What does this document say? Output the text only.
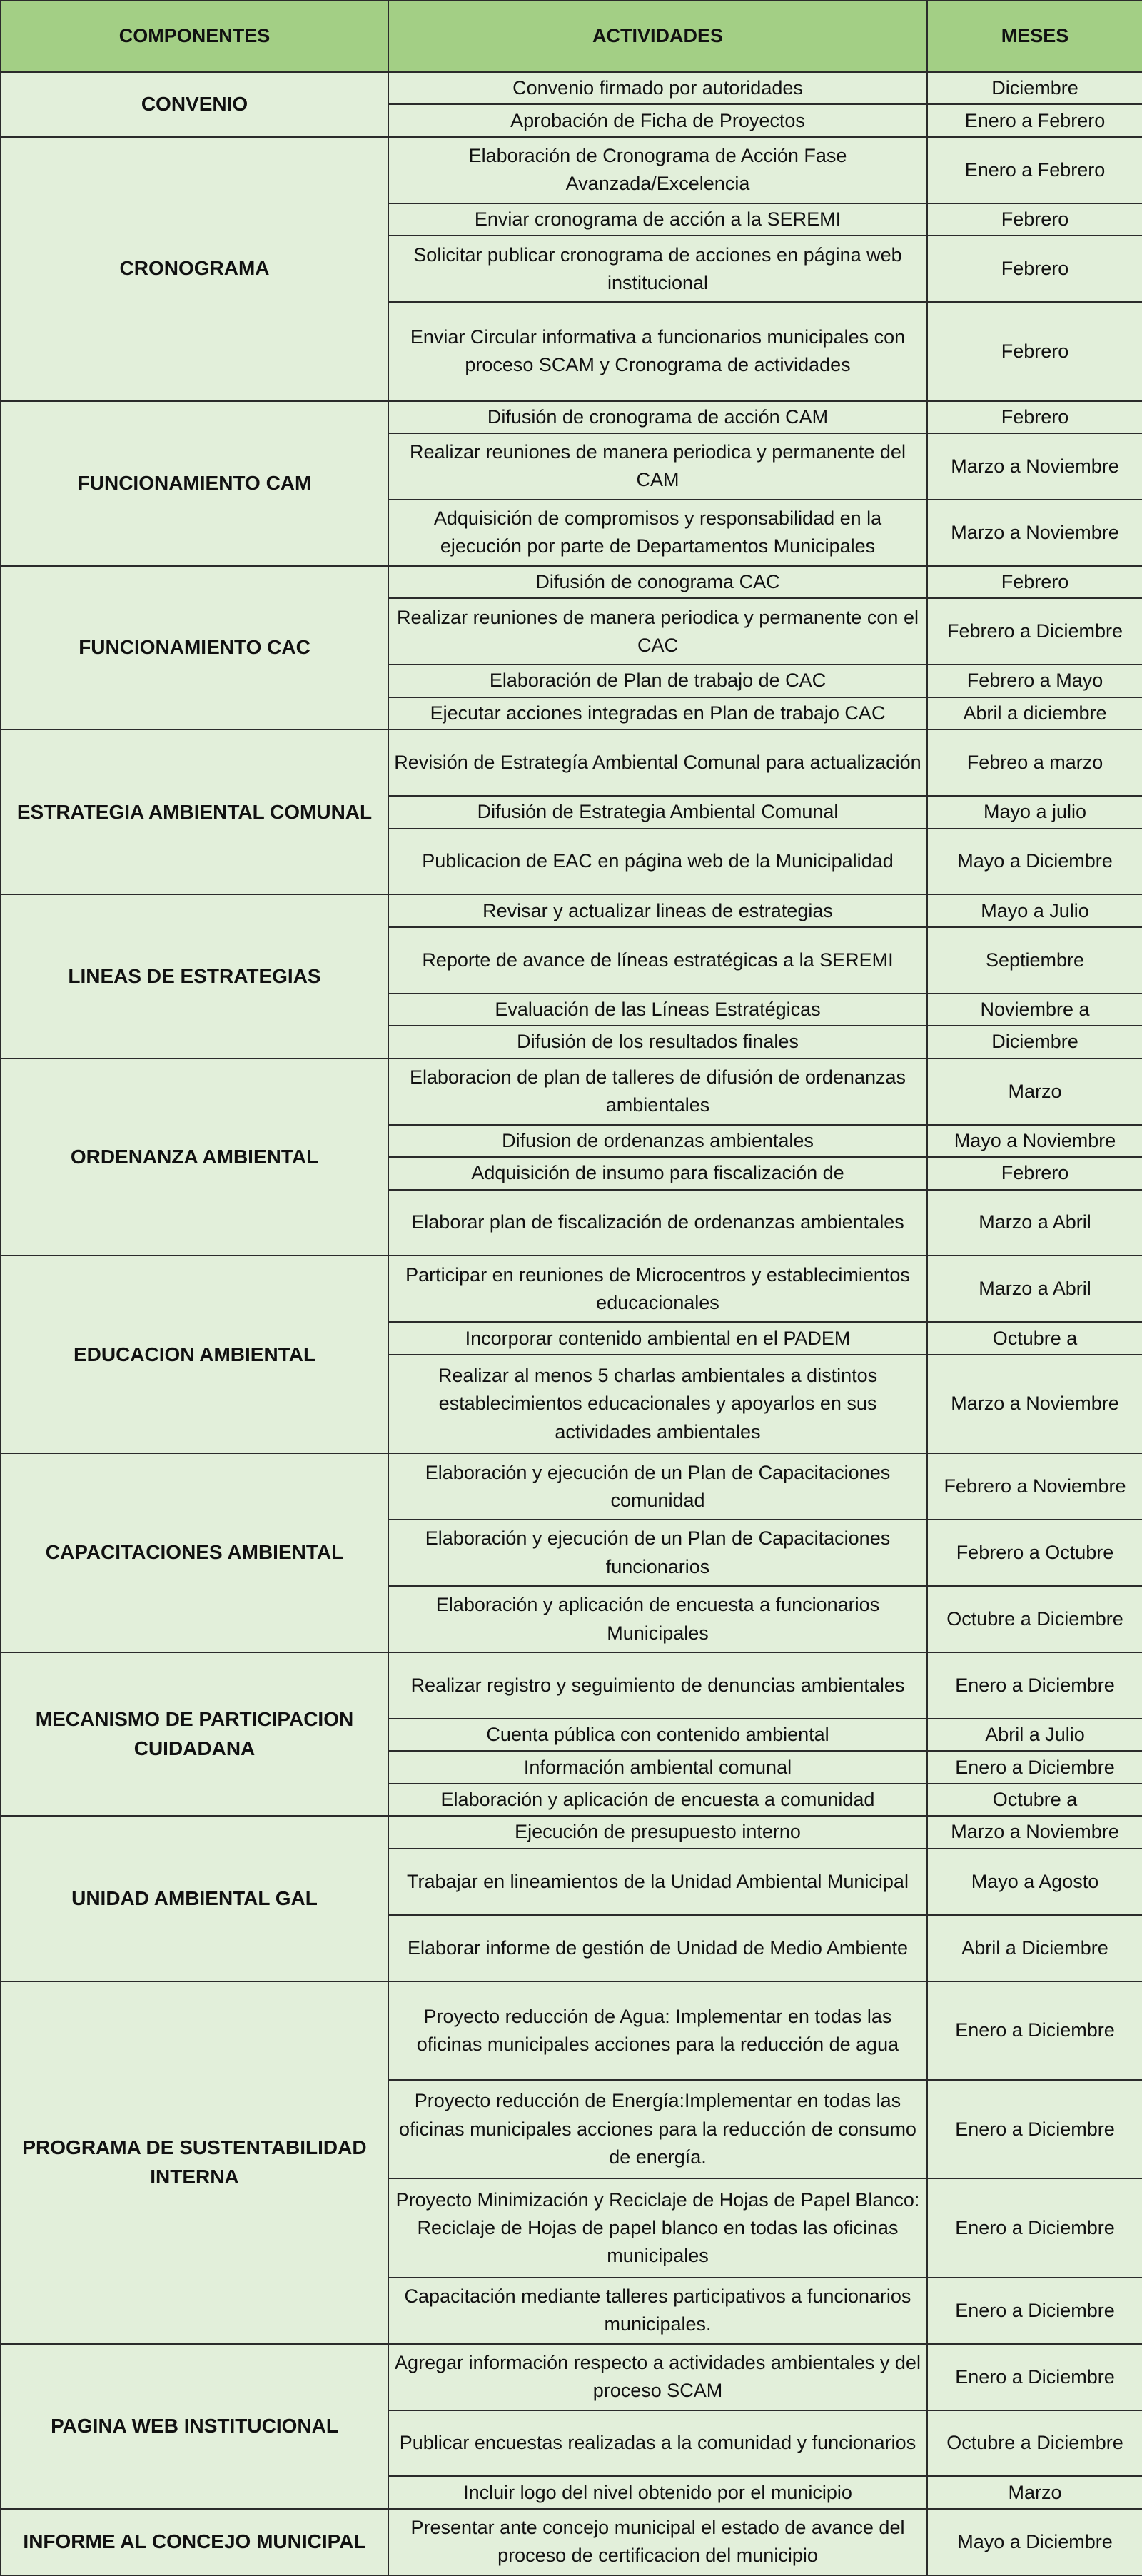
COMPONENTES	ACTIVIDADES	MESES
CONVENIO	Convenio firmado por autoridades	Diciembre
	Aprobación de Ficha de Proyectos	Enero a Febrero
CRONOGRAMA	Elaboración de Cronograma de Acción Fase Avanzada/Excelencia	Enero a Febrero
	Enviar cronograma de acción a la SEREMI	Febrero
	Solicitar publicar cronograma de acciones en página web institucional	Febrero
	Enviar Circular informativa a funcionarios municipales con proceso SCAM y Cronograma de actividades	Febrero
FUNCIONAMIENTO CAM	Difusión de cronograma de acción CAM	Febrero
	Realizar reuniones de manera periodica y permanente del CAM	Marzo a Noviembre
	Adquisición de compromisos y responsabilidad en la ejecución por parte de Departamentos Municipales	Marzo a Noviembre
FUNCIONAMIENTO CAC	Difusión de conograma CAC	Febrero
	Realizar reuniones de manera periodica y permanente con el CAC	Febrero a Diciembre
	Elaboración de Plan de trabajo de CAC	Febrero a Mayo
	Ejecutar acciones integradas en Plan de trabajo CAC	Abril a diciembre
ESTRATEGIA AMBIENTAL COMUNAL	Revisión de Estrategía Ambiental Comunal para actualización	Febreo a marzo
	Difusión de Estrategia Ambiental Comunal	Mayo a julio
	Publicacion de EAC en página web de la Municipalidad	Mayo a Diciembre
LINEAS DE ESTRATEGIAS	Revisar y actualizar lineas de estrategias	Mayo a Julio
	Reporte de avance de líneas estratégicas a la SEREMI	Septiembre
	Evaluación de las Líneas Estratégicas	Noviembre a
	Difusión de los resultados finales	Diciembre
ORDENANZA AMBIENTAL	Elaboracion de plan de talleres de difusión de ordenanzas ambientales	Marzo
	Difusion de ordenanzas ambientales	Mayo a Noviembre
	Adquisición de insumo para fiscalización de	Febrero
	Elaborar plan de fiscalización de ordenanzas ambientales	Marzo a Abril
EDUCACION AMBIENTAL	Participar en reuniones de Microcentros y establecimientos educacionales	Marzo a Abril
	Incorporar contenido ambiental en el PADEM	Octubre a
	Realizar al menos 5 charlas ambientales a distintos establecimientos educacionales y apoyarlos en sus actividades ambientales	Marzo a Noviembre
CAPACITACIONES AMBIENTAL	Elaboración y ejecución de un Plan de Capacitaciones comunidad	Febrero a Noviembre
	Elaboración y ejecución de un Plan de Capacitaciones funcionarios	Febrero a Octubre
	Elaboración y aplicación de encuesta a funcionarios Municipales	Octubre a Diciembre
MECANISMO DE PARTICIPACION CUIDADANA	Realizar registro y seguimiento de denuncias ambientales	Enero a Diciembre
	Cuenta pública con contenido ambiental	Abril a Julio
	Información ambiental comunal	Enero a Diciembre
	Elaboración y aplicación de encuesta a comunidad	Octubre a
UNIDAD AMBIENTAL GAL	Ejecución de presupuesto interno	Marzo a Noviembre
	Trabajar en lineamientos de la Unidad Ambiental Municipal	Mayo a Agosto
	Elaborar informe de gestión de Unidad de Medio Ambiente	Abril a Diciembre
PROGRAMA DE SUSTENTABILIDAD INTERNA	Proyecto reducción de Agua: Implementar en todas las oficinas municipales acciones para la reducción de agua	Enero a Diciembre
	Proyecto reducción de Energía:Implementar en todas las oficinas municipales acciones para la reducción de consumo de energía.	Enero a Diciembre
	Proyecto Minimización y Reciclaje de Hojas de Papel Blanco: Reciclaje de Hojas de papel blanco en todas las oficinas municipales	Enero a Diciembre
	Capacitación mediante talleres participativos a funcionarios municipales.	Enero a Diciembre
PAGINA WEB INSTITUCIONAL	Agregar información respecto a actividades ambientales y del proceso SCAM	Enero a Diciembre
	Publicar encuestas realizadas a la comunidad y funcionarios	Octubre a Diciembre
	Incluir logo del nivel obtenido por el municipio	Marzo
INFORME AL CONCEJO MUNICIPAL	Presentar ante concejo municipal el estado de avance del proceso de certificacion del municipio	Mayo a Diciembre
